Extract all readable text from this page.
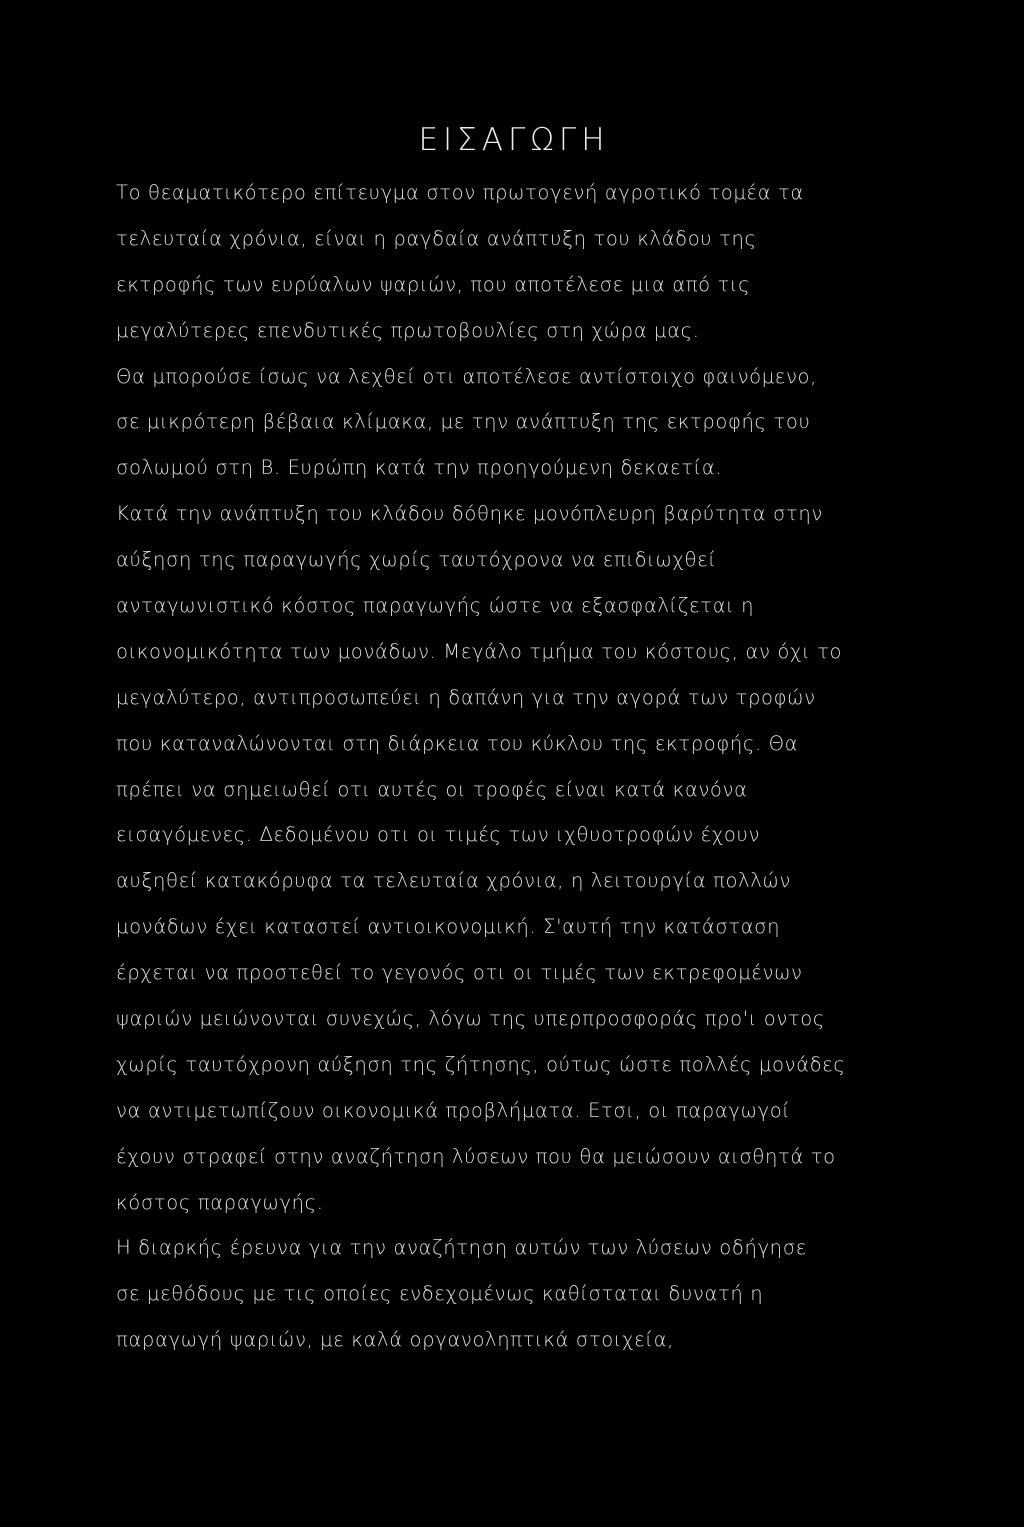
ΕΙΣΑΓΩΓΗ
Το θεαματικότερο επίτευγμα στον πρωτογενή αγροτικό τομέα τα
τελευταία χρόνια, είναι η ραγδαία ανάπτυξη του κλάδου της
εκτροφής των ευρύαλων ψαριών, που αποτέλεσε μια από τις
μεγαλύτερες επενδυτικές πρωτοβουλίες στη χώρα μας.
Θα μπορούσε ίσως να λεχθεί οτι αποτέλεσε αντίστοιχο φαινόμενο,
σε μικρότερη βέβαια κλίμακα, με την ανάπτυξη της εκτροφής του
σολωμού στη Β. Ευρώπη κατά την προηγούμενη δεκαετία.
Κατά την ανάπτυξη του κλάδου δόθηκε μονόπλευρη βαρύτητα στην
αύξηση της παραγωγής χωρίς ταυτόχρονα να επιδιωχθεί
ανταγωνιστικό κόστος παραγωγής ώστε να εξασφαλίζεται η
οικονομικότητα των μονάδων. Μεγάλο τμήμα του κόστους, αν όχι το
μεγαλύτερο, αντιπροσωπεύει η δαπάνη για την αγορά των τροφών
που καταναλώνονται στη διάρκεια του κύκλου της εκτροφής. Θα
πρέπει να σημειωθεί οτι αυτές οι τροφές είναι κατά κανόνα
εισαγόμενες. Δεδομένου οτι οι τιμές των ιχθυοτροφών έχουν
αυξηθεί κατακόρυφα τα τελευταία χρόνια, η λειτουργία πολλών
μονάδων έχει καταστεί αντιοικονομική. Σ'αυτή την κατάσταση
έρχεται να προστεθεί το γεγονός οτι οι τιμές των εκτρεφομένων
ψαριών μειώνονται συνεχώς, λόγω της υπερπροσφοράς προ'ι οντος
χωρίς ταυτόχρονη αύξηση της ζήτησης, ούτως ώστε πολλές μονάδες
να αντιμετωπίζουν οικονομικά προβλήματα. Ετσι, οι παραγωγοί
έχουν στραφεί στην αναζήτηση λύσεων που θα μειώσουν αισθητά το
κόστος παραγωγής.
Η διαρκής έρευνα για την αναζήτηση αυτών των λύσεων οδήγησε
σε μεθόδους με τις οποίες ενδεχομένως καθίσταται δυνατή η
παραγωγή ψαριών, με καλά οργανοληπτικά στοιχεία,
